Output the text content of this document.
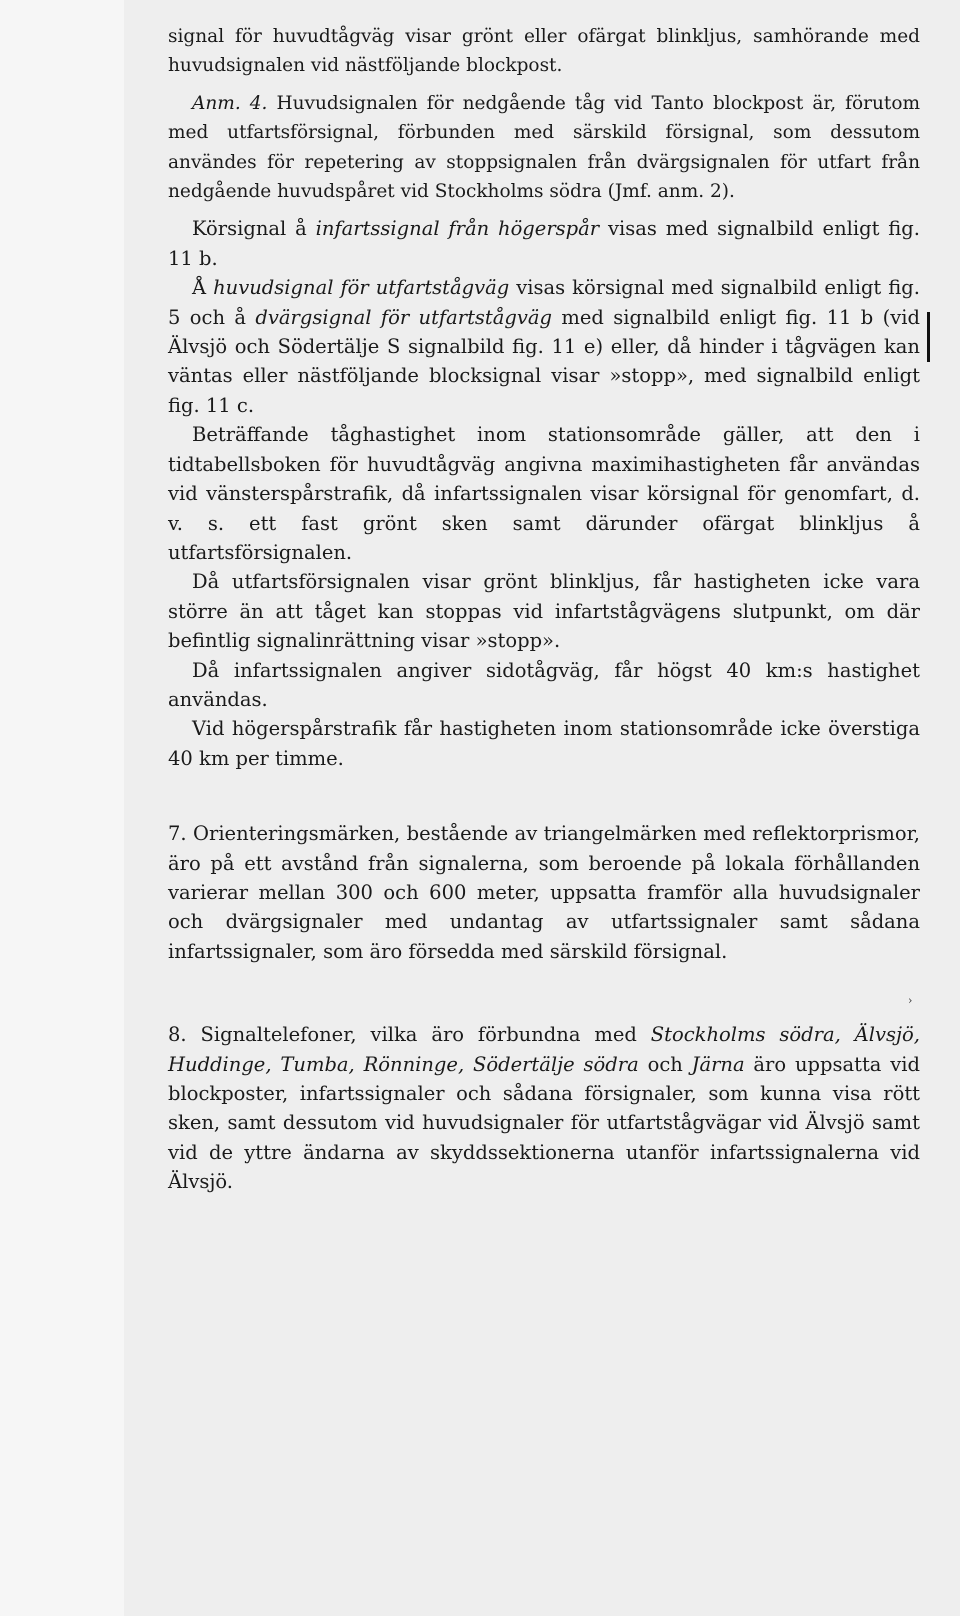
signal för huvudtågväg visar grönt eller ofärgat blinkljus, samhörande med huvudsignalen vid nästföljande blockpost.

Anm. 4. Huvudsignalen för nedgående tåg vid Tanto blockpost är, förutom med utfartsförsignal, förbunden med särskild försignal, som dessutom användes för repetering av stoppsignalen från dvärgsignalen för utfart från nedgående huvudspåret vid Stockholms södra (Jmf. anm. 2).

Körsignal å infartssignal från högerspår visas med signalbild enligt fig. 11 b.

Å huvudsignal för utfartstågväg visas körsignal med signalbild enligt fig. 5 och å dvärgsignal för utfartstågväg med signalbild enligt fig. 11 b (vid Älvsjö och Södertälje S signalbild fig. 11 e) eller, då hinder i tågvägen kan väntas eller nästföljande blocksignal visar »stopp», med signalbild enligt fig. 11 c.

Beträffande tåghastighet inom stationsområde gäller, att den i tidtabellsboken för huvudtågväg angivna maximihastigheten får användas vid vänsterspårstrafik, då infartssignalen visar körsignal för genomfart, d. v. s. ett fast grönt sken samt därunder ofärgat blinkljus å utfartsförsignalen.

Då utfartsförsignalen visar grönt blinkljus, får hastigheten icke vara större än att tåget kan stoppas vid infartstågvägens slutpunkt, om där befintlig signalinrättning visar »stopp».

Då infartssignalen angiver sidotågväg, får högst 40 km:s hastighet användas.

Vid högerspårstrafik får hastigheten inom stationsområde icke överstiga 40 km per timme.

7. Orienteringsmärken, bestående av triangelmärken med reflektorprismor, äro på ett avstånd från signalerna, som beroende på lokala förhållanden varierar mellan 300 och 600 meter, uppsatta framför alla huvudsignaler och dvärgsignaler med undantag av utfartssignaler samt sådana infartssignaler, som äro försedda med särskild försignal.

8. Signaltelefoner, vilka äro förbundna med Stockholms södra, Älvsjö, Huddinge, Tumba, Rönninge, Södertälje södra och Järna äro uppsatta vid blockposter, infartssignaler och sådana försignaler, som kunna visa rött sken, samt dessutom vid huvudsignaler för utfartstågvägar vid Älvsjö samt vid de yttre ändarna av skyddssektionerna utanför infartssignalerna vid Älvsjö.

›
